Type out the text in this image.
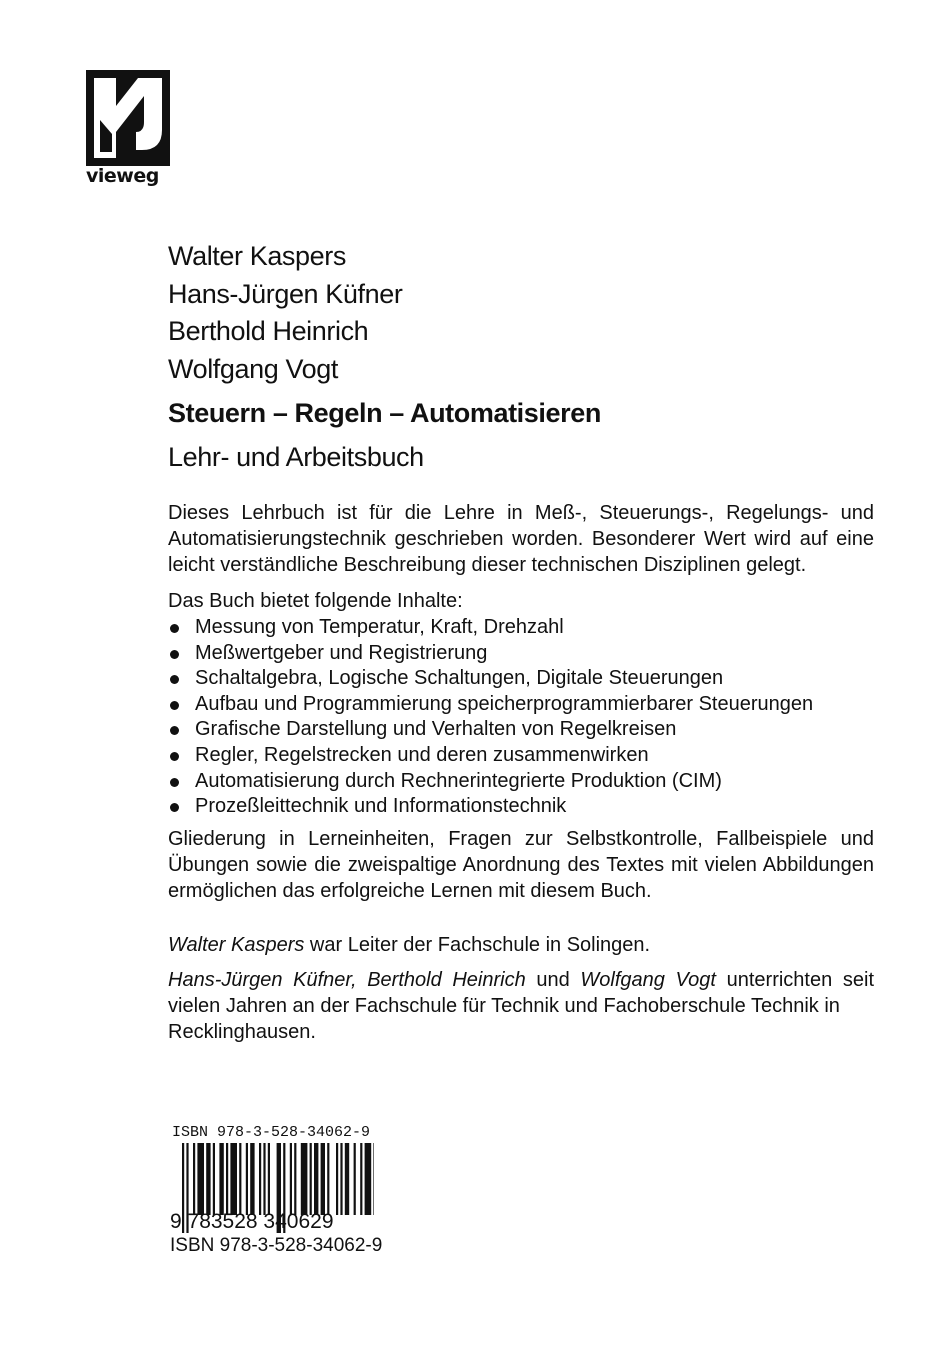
vieweg
Walter Kaspers
Hans-Jürgen Küfner
Berthold Heinrich
Wolfgang Vogt
Steuern – Regeln – Automatisieren
Lehr- und Arbeitsbuch

Dieses Lehrbuch ist für die Lehre in Meß-, Steuerungs-, Regelungs- und Automatisierungstechnik geschrieben worden. Besonderer Wert wird auf eine leicht verständliche Beschreibung dieser technischen Disziplinen gelegt.

Das Buch bietet folgende Inhalte:

Messung von Temperatur, Kraft, Drehzahl
Meßwertgeber und Registrierung
Schaltalgebra, Logische Schaltungen, Digitale Steuerungen
Aufbau und Programmierung speicherprogrammierbarer Steuerungen
Grafische Darstellung und Verhalten von Regelkreisen
Regler, Regelstrecken und deren zusammenwirken
Automatisierung durch Rechnerintegrierte Produktion (CIM)
Prozeßleittechnik und Informationstechnik

Gliederung in Lerneinheiten, Fragen zur Selbstkontrolle, Fallbeispiele und Übungen sowie die zweispaltige Anordnung des Textes mit vielen Abbildungen ermöglichen das erfolgreiche Lernen mit diesem Buch.

Walter Kaspers war Leiter der Fachschule in Solingen.

Hans-Jürgen Küfner, Berthold Heinrich und Wolfgang Vogt unterrichten seit vielen Jahren an der Fachschule für Technik und Fachoberschule Technik in
Recklinghausen.

ISBN 978-3-528-34062-9
9 783528 340629
ISBN 978-3-528-34062-9
